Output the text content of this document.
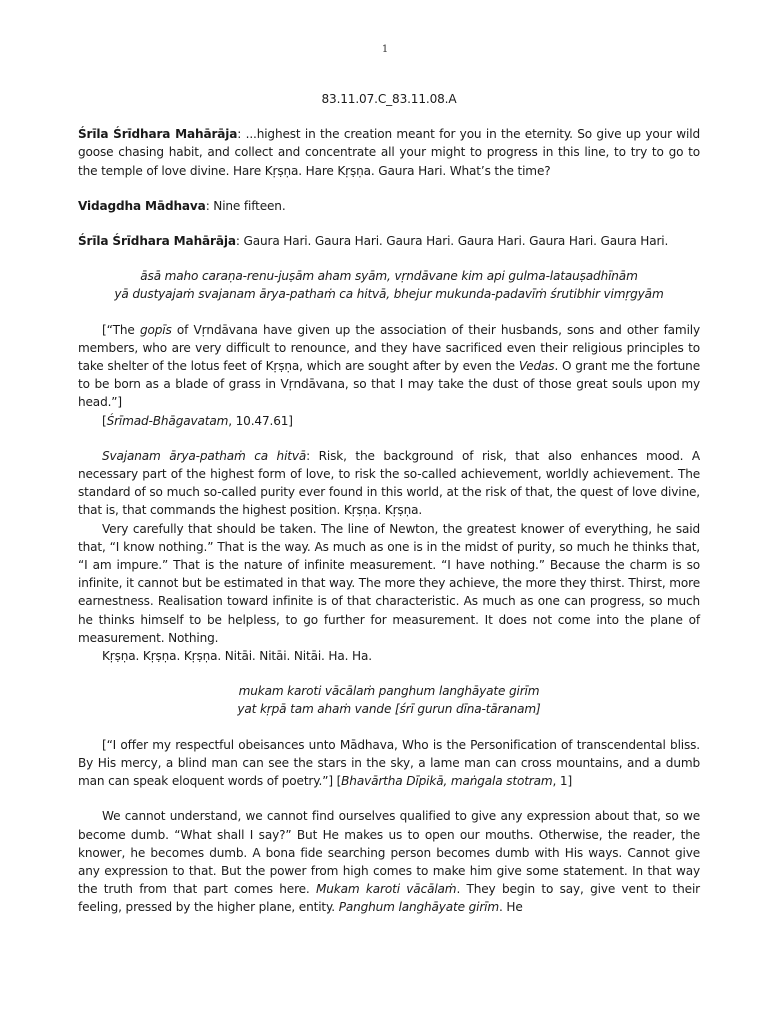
1

83.11.07.C_83.11.08.A

Śrīla Śrīdhara Mahārāja: ...highest in the creation meant for you in the eternity. So give up your wild goose chasing habit, and collect and concentrate all your might to progress in this line, to try to go to the temple of love divine. Hare Kṛṣṇa. Hare Kṛṣṇa. Gaura Hari. What’s the time?

Vidagdha Mādhava: Nine fifteen.

Śrīla Śrīdhara Mahārāja: Gaura Hari. Gaura Hari. Gaura Hari. Gaura Hari. Gaura Hari. Gaura Hari.

āsā maho caraṇa-renu-juṣām aham syām, vṛndāvane kim api gulma-latauṣadhīnām
yā dustyajaṁ svajanam ārya-pathaṁ ca hitvā, bhejur mukunda-padavīṁ śrutibhir vimṛgyām

[“The gopīs of Vṛndāvana have given up the association of their husbands, sons and other family members, who are very difficult to renounce, and they have sacrificed even their religious principles to take shelter of the lotus feet of Kṛṣṇa, which are sought after by even the Vedas. O grant me the fortune to be born as a blade of grass in Vṛndāvana, so that I may take the dust of those great souls upon my head.”]

[Śrīmad-Bhāgavatam, 10.47.61]

Svajanam ārya-pathaṁ ca hitvā: Risk, the background of risk, that also enhances mood. A necessary part of the highest form of love, to risk the so-called achievement, worldly achievement. The standard of so much so-called purity ever found in this world, at the risk of that, the quest of love divine, that is, that commands the highest position. Kṛṣṇa. Kṛṣṇa.

Very carefully that should be taken. The line of Newton, the greatest knower of everything, he said that, “I know nothing.” That is the way. As much as one is in the midst of purity, so much he thinks that, “I am impure.” That is the nature of infinite measurement. “I have nothing.” Because the charm is so infinite, it cannot but be estimated in that way. The more they achieve, the more they thirst. Thirst, more earnestness. Realisation toward infinite is of that characteristic. As much as one can progress, so much he thinks himself to be helpless, to go further for measurement. It does not come into the plane of measurement. Nothing.

Kṛṣṇa. Kṛṣṇa. Kṛṣṇa. Nitāi. Nitāi. Nitāi. Ha. Ha.

mukam karoti vācālaṁ panghum langhāyate girīm
yat kṛpā tam ahaṁ vande [śrī gurun dīna-tāranam]

[“I offer my respectful obeisances unto Mādhava, Who is the Personification of transcendental bliss. By His mercy, a blind man can see the stars in the sky, a lame man can cross mountains, and a dumb man can speak eloquent words of poetry.”] [Bhavārtha Dīpikā, maṅgala stotram, 1]

We cannot understand, we cannot find ourselves qualified to give any expression about that, so we become dumb. “What shall I say?” But He makes us to open our mouths. Otherwise, the reader, the knower, he becomes dumb. A bona fide searching person becomes dumb with His ways. Cannot give any expression to that. But the power from high comes to make him give some statement. In that way the truth from that part comes here. Mukam karoti vācālaṁ. They begin to say, give vent to their feeling, pressed by the higher plane, entity. Panghum langhāyate girīm. He
